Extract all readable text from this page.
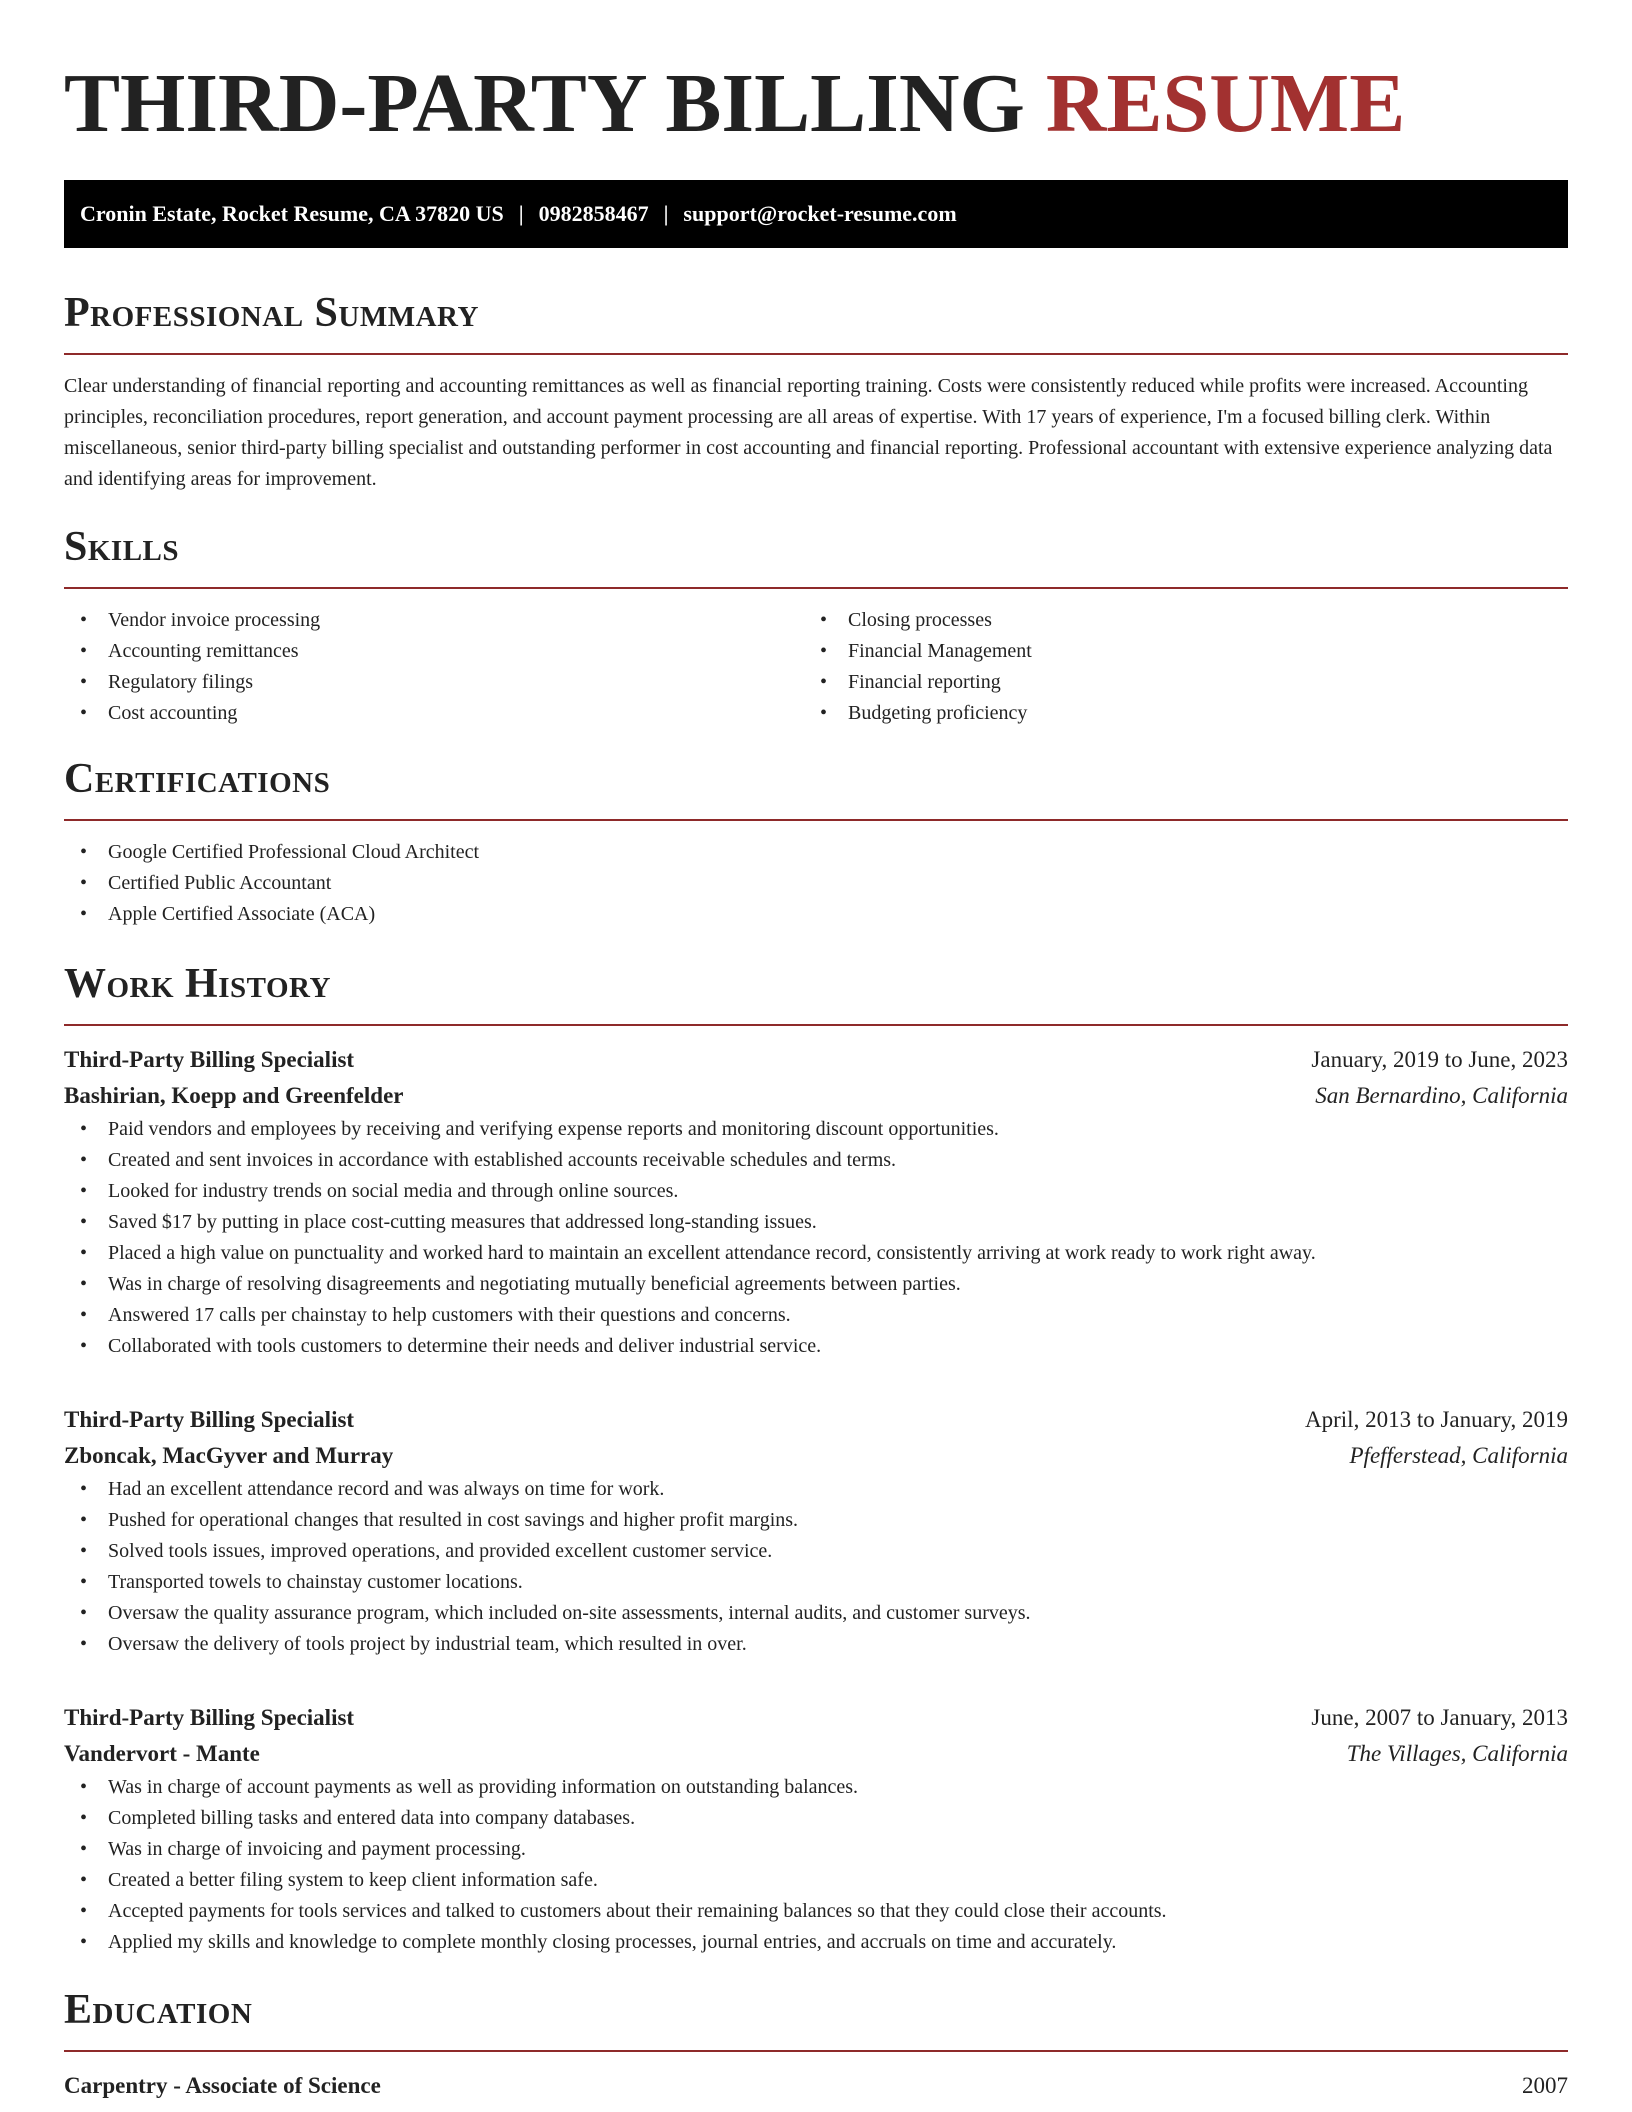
THIRD-PARTY BILLING RESUME
Cronin Estate, Rocket Resume, CA 37820 US | 0982858467 | support@rocket-resume.com
Professional Summary

Clear understanding of financial reporting and accounting remittances as well as financial reporting training. Costs were consistently reduced while profits were increased. Accounting principles, reconciliation procedures, report generation, and account payment processing are all areas of expertise. With 17 years of experience, I'm a focused billing clerk. Within miscellaneous, senior third-party billing specialist and outstanding performer in cost accounting and financial reporting. Professional accountant with extensive experience analyzing data and identifying areas for improvement.

Skills
• Vendor invoice processing
• Accounting remittances
• Regulatory filings
• Cost accounting
• Closing processes
• Financial Management
• Financial reporting
• Budgeting proficiency
Certifications
• Google Certified Professional Cloud Architect
• Certified Public Accountant
• Apple Certified Associate (ACA)
Work History
Third-Party Billing Specialist	January, 2019 to June, 2023
Bashirian, Koepp and Greenfelder	San Bernardino, California
• Paid vendors and employees by receiving and verifying expense reports and monitoring discount opportunities.
• Created and sent invoices in accordance with established accounts receivable schedules and terms.
• Looked for industry trends on social media and through online sources.
• Saved $17 by putting in place cost-cutting measures that addressed long-standing issues.
• Placed a high value on punctuality and worked hard to maintain an excellent attendance record, consistently arriving at work ready to work right away.
• Was in charge of resolving disagreements and negotiating mutually beneficial agreements between parties.
• Answered 17 calls per chainstay to help customers with their questions and concerns.
• Collaborated with tools customers to determine their needs and deliver industrial service.
Third-Party Billing Specialist	April, 2013 to January, 2019
Zboncak, MacGyver and Murray	Pfefferstead, California
• Had an excellent attendance record and was always on time for work.
• Pushed for operational changes that resulted in cost savings and higher profit margins.
• Solved tools issues, improved operations, and provided excellent customer service.
• Transported towels to chainstay customer locations.
• Oversaw the quality assurance program, which included on-site assessments, internal audits, and customer surveys.
• Oversaw the delivery of tools project by industrial team, which resulted in over.
Third-Party Billing Specialist	June, 2007 to January, 2013
Vandervort - Mante	The Villages, California
• Was in charge of account payments as well as providing information on outstanding balances.
• Completed billing tasks and entered data into company databases.
• Was in charge of invoicing and payment processing.
• Created a better filing system to keep client information safe.
• Accepted payments for tools services and talked to customers about their remaining balances so that they could close their accounts.
• Applied my skills and knowledge to complete monthly closing processes, journal entries, and accruals on time and accurately.
Education
Carpentry - Associate of Science	2007
